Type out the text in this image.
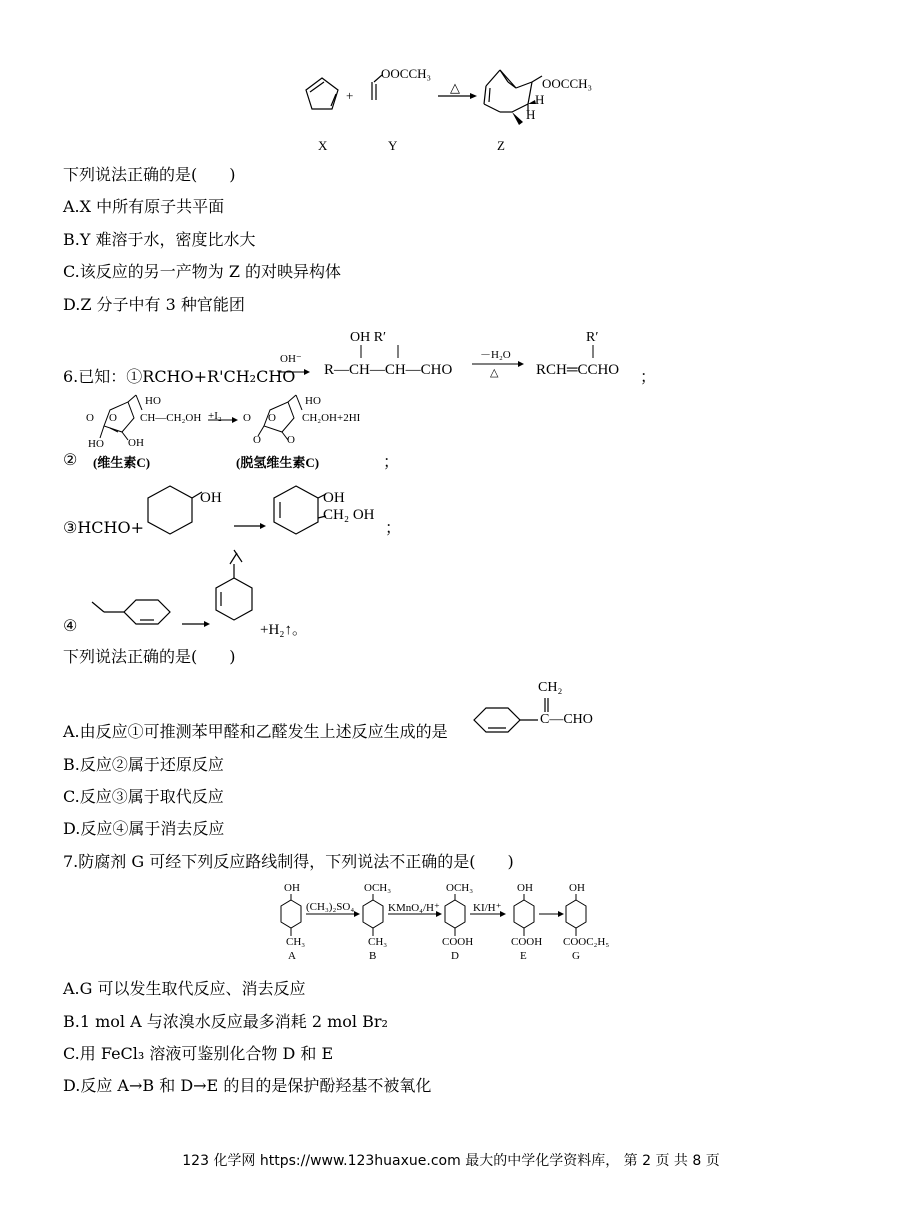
+
OOCCH₃
△	OOCCH₃
H
H
X	Y	Z
下列说法正确的是(　　)
A.X 中所有原子共平面
B.Y 难溶于水，密度比水大
C.该反应的另一产物为 Z 的对映异构体
D.Z 分子中有 3 种官能团
6.已知：①RCHO+R'CH₂CHO
OH⁻
OH R′
R—CH—CH—CHO
－H₂O
△
R′
RCH═CCHO ；
O O
HO
CH—CH₂OH
HO OH
+I₂ O O
HO
CH₂OH+2HI
O O
② (维生素C)	(脱氢维生素C)	；
③HCHO+
OH	OH
CH₂ OH
；
④	+H₂↑。
下列说法正确的是(　　)
A.由反应①可推测苯甲醛和乙醛发生上述反应生成的是
CH₂
C—CHO
B.反应②属于还原反应
C.反应③属于取代反应
D.反应④属于消去反应
7.防腐剂 G 可经下列反应路线制得，下列说法不正确的是(　　)
OH
CH₃
A
(CH₃)₂SO₄
OCH₃
CH₃
B
KMnO₄/H⁺
OCH₃
COOH
D
KI/H⁺
OH
COOH
E
OH
COOC₂H₅
G
A.G 可以发生取代反应、消去反应
B.1 mol A 与浓溴水反应最多消耗 2 mol Br₂
C.用 FeCl₃ 溶液可鉴别化合物 D 和 E
D.反应 A→B 和 D→E 的目的是保护酚羟基不被氧化
123 化学网 https://www.123huaxue.com 最大的中学化学资料库， 第 2 页 共 8 页
